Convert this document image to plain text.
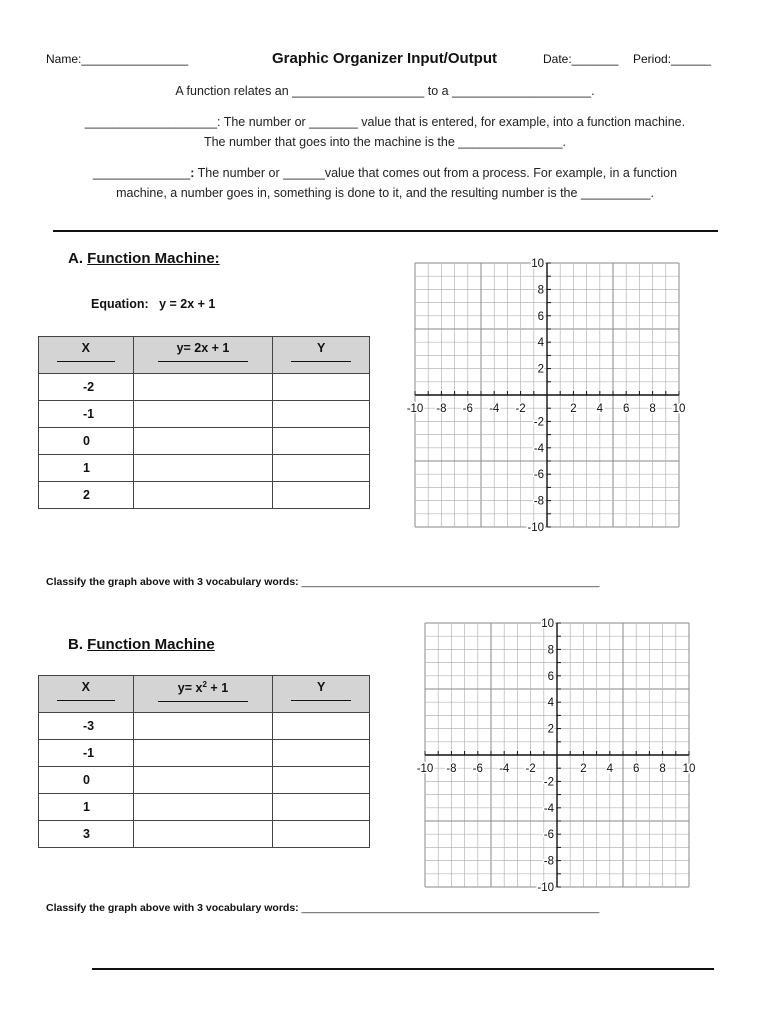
Name:________________	Graphic Organizer Input/Output	Date:_______ Period:______
A function relates an ___________________ to a ____________________.
___________________: The number or _______ value that is entered, for example, into a function machine.
The number that goes into the machine is the _______________.
______________: The number or ______value that comes out from a process. For example, in a function
machine, a number goes in, something is done to it, and the resulting number is the __________.
A. Function Machine:
Equation: y = 2x + 1
X	y= 2x + 1	Y

-2		
-1		
0		
1		
2		
-10 -8 -6 -4 -2	2 4 6 8 10
10
8
6
4
2
-2
-4
-6
-8
-10
Classify the graph above with 3 vocabulary words: ___________________________________________________
B. Function Machine
X	$y= x^2 + 1$	Y

-3		
-1		
0		
1		
3		
-10 -8 -6 -4 -2	2 4 6 8 10
10
8
6
4
2
-2
-4
-6
-8
-10
Classify the graph above with 3 vocabulary words: ___________________________________________________
